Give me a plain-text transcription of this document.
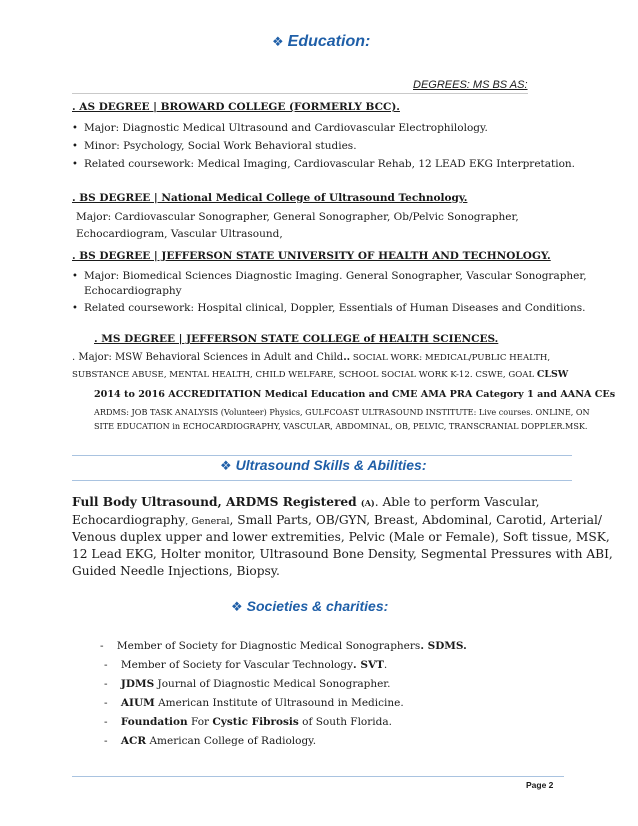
❖ Education:
DEGREES: MS BS AS:
. AS DEGREE | BROWARD COLLEGE (FORMERLY BCC).
• Major: Diagnostic Medical Ultrasound and Cardiovascular Electrophilology.
• Minor: Psychology, Social Work Behavioral studies.
• Related coursework: Medical Imaging, Cardiovascular Rehab, 12 LEAD EKG Interpretation.
. BS DEGREE | National Medical College of Ultrasound Technology.
Major: Cardiovascular Sonographer, General Sonographer, Ob/Pelvic Sonographer,
Echocardiogram, Vascular Ultrasound,
. BS DEGREE | JEFFERSON STATE UNIVERSITY OF HEALTH AND TECHNOLOGY.
• Major: Biomedical Sciences Diagnostic Imaging. General Sonographer, Vascular Sonographer,
Echocardiography
• Related coursework: Hospital clinical, Doppler, Essentials of Human Diseases and Conditions.
. MS DEGREE | JEFFERSON STATE COLLEGE of HEALTH SCIENCES.
. Major: MSW Behavioral Sciences in Adult and Child.. SOCIAL WORK: MEDICAL/PUBLIC HEALTH,
SUBSTANCE ABUSE, MENTAL HEALTH, CHILD WELFARE, SCHOOL SOCIAL WORK K-12. CSWE, GOAL CLSW
2014 to 2016 ACCREDITATION Medical Education and CME AMA PRA Category 1 and AANA CEs
ARDMS: JOB TASK ANALYSIS (Volunteer) Physics, GULFCOAST ULTRASOUND INSTITUTE: Live courses. ONLINE, ON
SITE EDUCATION in ECHOCARDIOGRAPHY, VASCULAR, ABDOMINAL, OB, PELVIC, TRANSCRANIAL DOPPLER.MSK.
❖ Ultrasound Skills & Abilities:
Full Body Ultrasound, ARDMS Registered (A). Able to perform Vascular,
Echocardiography, General, Small Parts, OB/GYN, Breast, Abdominal, Carotid, Arterial/
Venous duplex upper and lower extremities, Pelvic (Male or Female), Soft tissue, MSK,
12 Lead EKG, Holter monitor, Ultrasound Bone Density, Segmental Pressures with ABI,
Guided Needle Injections, Biopsy.
❖ Societies & charities:
- Member of Society for Diagnostic Medical Sonographers. SDMS.
- Member of Society for Vascular Technology. SVT.
- JDMS Journal of Diagnostic Medical Sonographer.
- AIUM American Institute of Ultrasound in Medicine.
- Foundation For Cystic Fibrosis of South Florida.
- ACR American College of Radiology.
Page 2
